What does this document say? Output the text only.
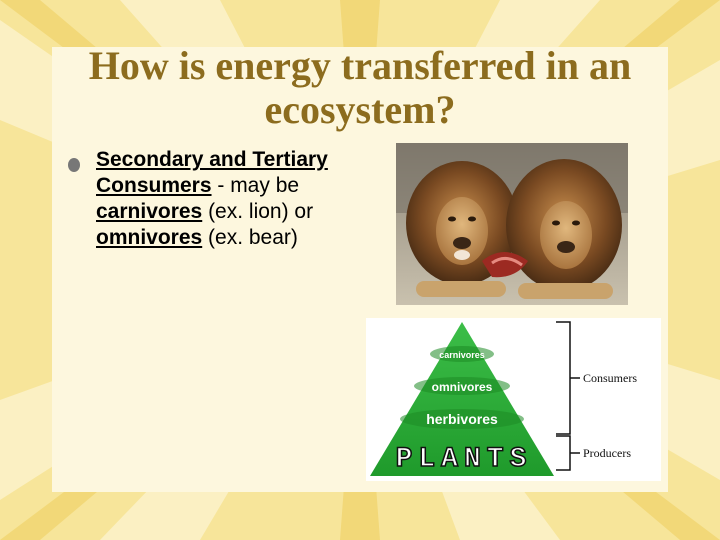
How is energy transferred in an ecosystem?

Secondary and Tertiary Consumers - may be carnivores (ex. lion) or omnivores (ex. bear)

carnivores
omnivores
herbivores
PLANTS
Consumers
Producers
